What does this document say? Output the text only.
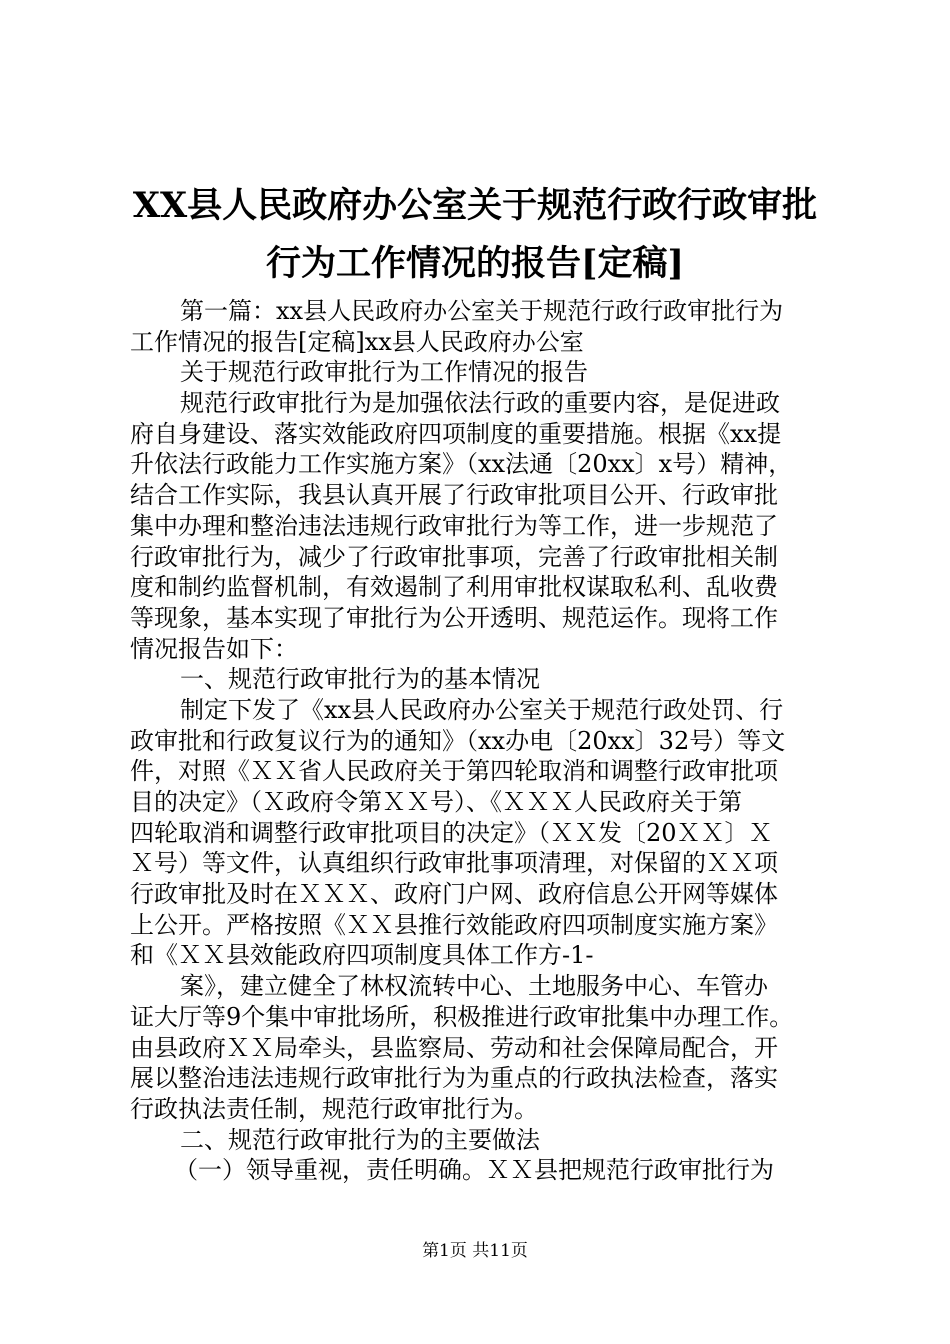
XX县人民政府办公室关于规范行政行政审批
行为工作情况的报告[定稿]
第一篇：xx县人民政府办公室关于规范行政行政审批行为
工作情况的报告[定稿]xx县人民政府办公室
关于规范行政审批行为工作情况的报告
规范行政审批行为是加强依法行政的重要内容，是促进政
府自身建设、落实效能政府四项制度的重要措施。根据《xx提
升依法行政能力工作实施方案》（xx法通〔20xx〕x号）精神，
结合工作实际，我县认真开展了行政审批项目公开、行政审批
集中办理和整治违法违规行政审批行为等工作，进一步规范了
行政审批行为，减少了行政审批事项，完善了行政审批相关制
度和制约监督机制，有效遏制了利用审批权谋取私利、乱收费
等现象，基本实现了审批行为公开透明、规范运作。现将工作
情况报告如下：
一、规范行政审批行为的基本情况
制定下发了《xx县人民政府办公室关于规范行政处罚、行
政审批和行政复议行为的通知》（xx办电〔20xx〕32号）等文
件，对照《ＸＸ省人民政府关于第四轮取消和调整行政审批项
目的决定》（Ｘ政府令第ＸＸ号）、《ＸＸＸ人民政府关于第
四轮取消和调整行政审批项目的决定》（ＸＸ发〔20ＸＸ〕Ｘ
Ｘ号）等文件，认真组织行政审批事项清理，对保留的ＸＸ项
行政审批及时在ＸＸＸ、政府门户网、政府信息公开网等媒体
上公开。严格按照《ＸＸ县推行效能政府四项制度实施方案》
和《ＸＸ县效能政府四项制度具体工作方-1-
案》，建立健全了林权流转中心、土地服务中心、车管办
证大厅等9个集中审批场所，积极推进行政审批集中办理工作。
由县政府ＸＸ局牵头，县监察局、劳动和社会保障局配合，开
展以整治违法违规行政审批行为为重点的行政执法检查，落实
行政执法责任制，规范行政审批行为。
二、规范行政审批行为的主要做法
（一）领导重视，责任明确。ＸＸ县把规范行政审批行为
第1页 共11页
